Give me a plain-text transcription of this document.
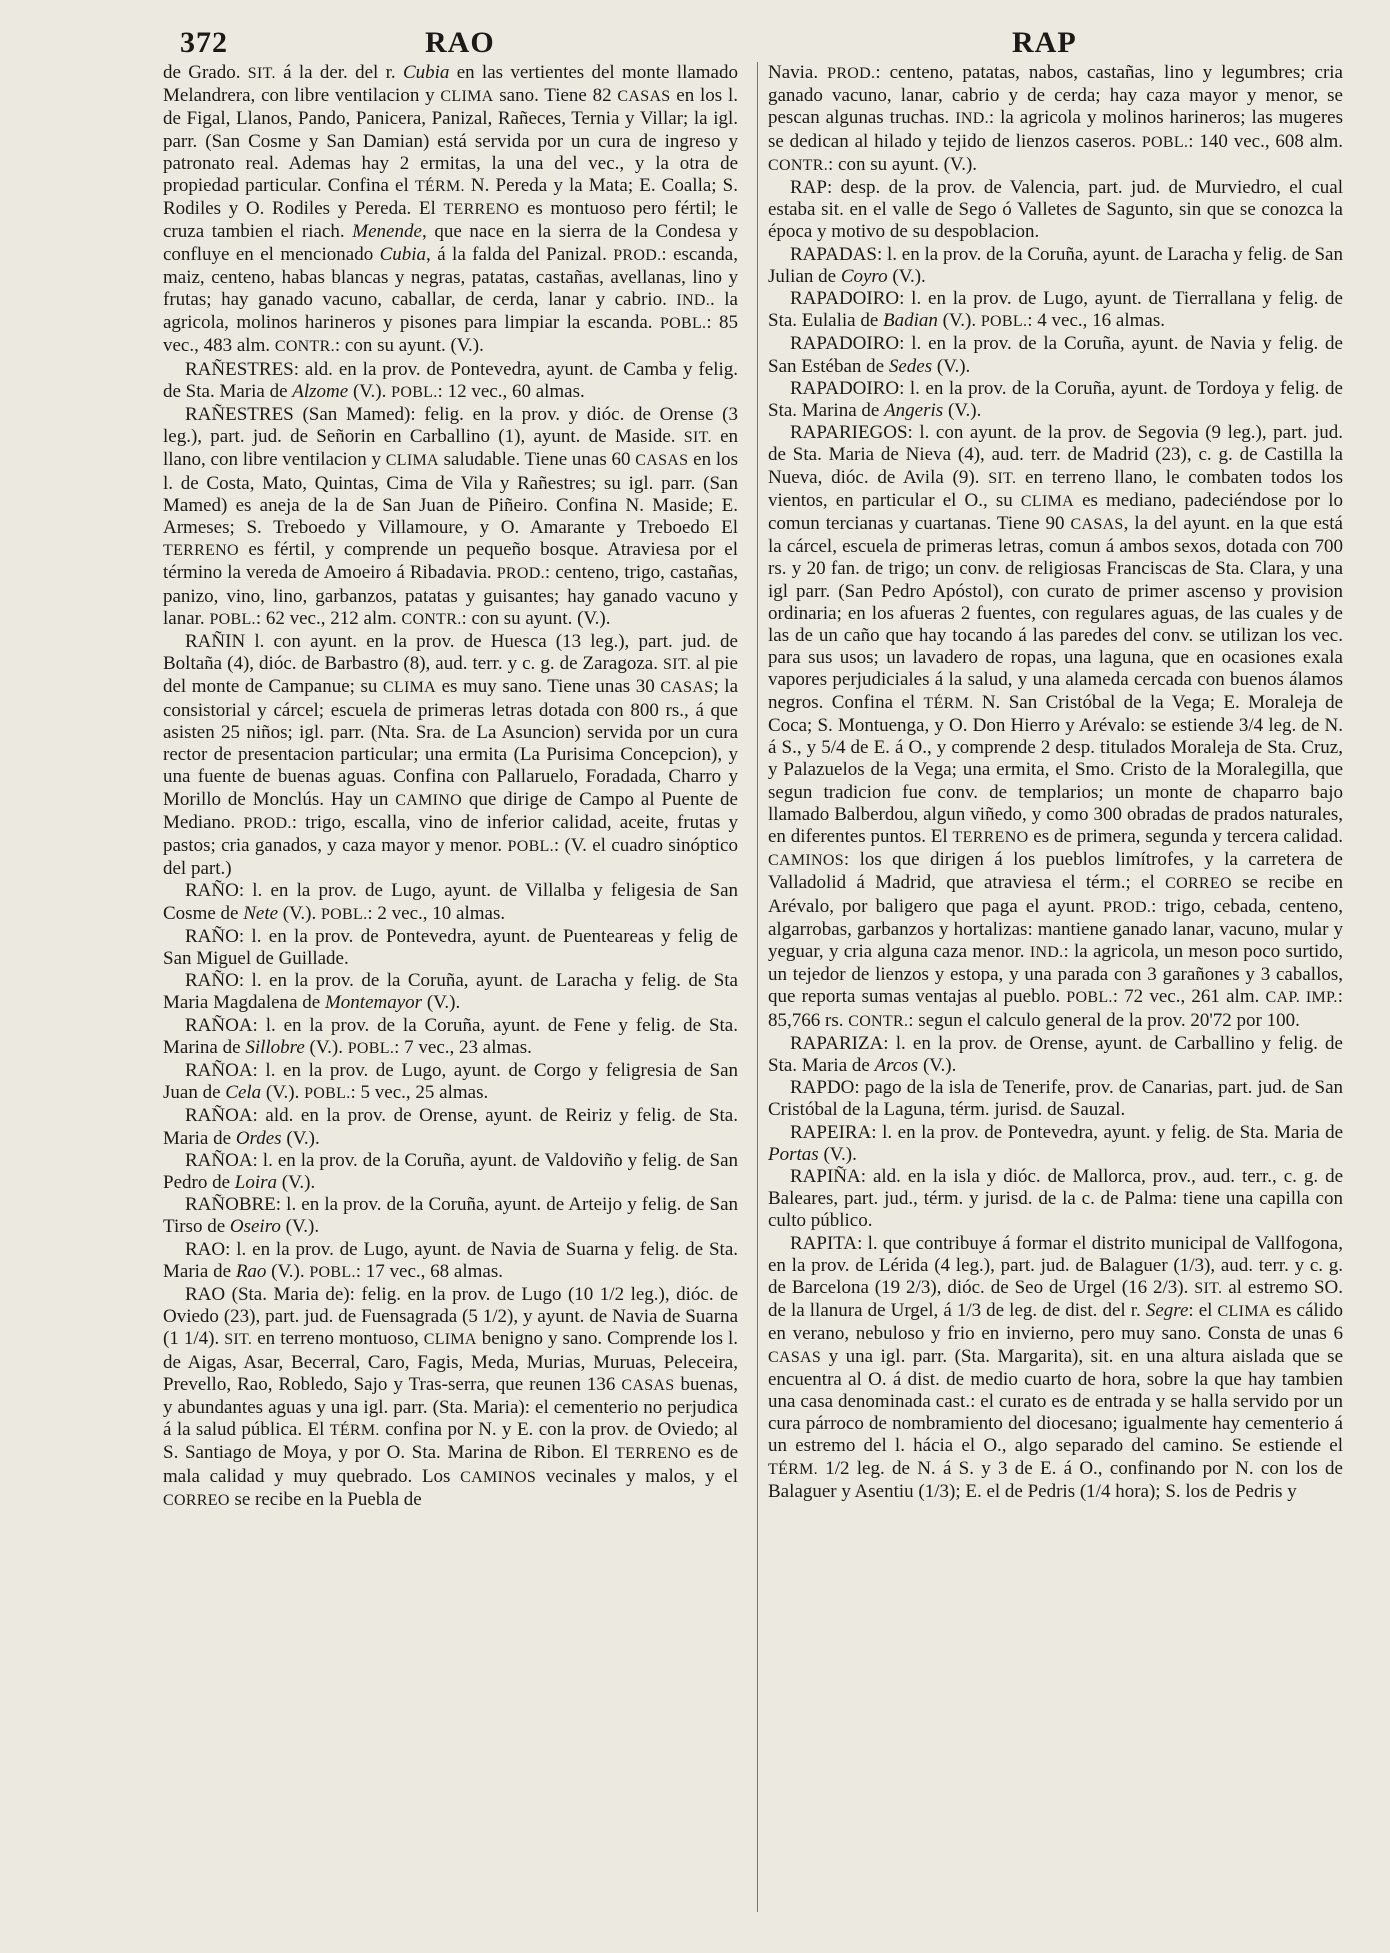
372	RAO	RAP

de Grado. SIT. á la der. del r. Cubia en las vertientes del monte llamado Melandrera, con libre ventilacion y CLIMA sano. Tiene 82 CASAS en los l. de Figal, Llanos, Pando, Panicera, Panizal, Rañeces, Ternia y Villar; la igl. parr. (San Cosme y San Damian) está servida por un cura de ingreso y patronato real. Ademas hay 2 ermitas, la una del vec., y la otra de propiedad particular. Confina el TÉRM. N. Pereda y la Mata; E. Coalla; S. Rodiles y O. Rodiles y Pereda. El TERRENO es montuoso pero fértil; le cruza tambien el riach. Menende, que nace en la sierra de la Condesa y confluye en el mencionado Cubia, á la falda del Panizal. PROD.: escanda, maiz, centeno, habas blancas y negras, patatas, castañas, avellanas, lino y frutas; hay ganado vacuno, caballar, de cerda, lanar y cabrio. IND.. la agricola, molinos harineros y pisones para limpiar la escanda. POBL.: 85 vec., 483 alm. CONTR.: con su ayunt. (V.).

RAÑESTRES: ald. en la prov. de Pontevedra, ayunt. de Camba y felig. de Sta. Maria de Alzome (V.). POBL.: 12 vec., 60 almas.

RAÑESTRES (San Mamed): felig. en la prov. y dióc. de Orense (3 leg.), part. jud. de Señorin en Carballino (1), ayunt. de Maside. SIT. en llano, con libre ventilacion y CLIMA saludable. Tiene unas 60 CASAS en los l. de Costa, Mato, Quintas, Cima de Vila y Rañestres; su igl. parr. (San Mamed) es aneja de la de San Juan de Piñeiro. Confina N. Maside; E. Armeses; S. Treboedo y Villamoure, y O. Amarante y Treboedo El TERRENO es fértil, y comprende un pequeño bosque. Atraviesa por el término la vereda de Amoeiro á Ribadavia. PROD.: centeno, trigo, castañas, panizo, vino, lino, garbanzos, patatas y guisantes; hay ganado vacuno y lanar. POBL.: 62 vec., 212 alm. CONTR.: con su ayunt. (V.).

RAÑIN l. con ayunt. en la prov. de Huesca (13 leg.), part. jud. de Boltaña (4), dióc. de Barbastro (8), aud. terr. y c. g. de Zaragoza. SIT. al pie del monte de Campanue; su CLIMA es muy sano. Tiene unas 30 CASAS; la consistorial y cárcel; escuela de primeras letras dotada con 800 rs., á que asisten 25 niños; igl. parr. (Nta. Sra. de La Asuncion) servida por un cura rector de presentacion particular; una ermita (La Purisima Concepcion), y una fuente de buenas aguas. Confina con Pallaruelo, Foradada, Charro y Morillo de Monclús. Hay un CAMINO que dirige de Campo al Puente de Mediano. PROD.: trigo, escalla, vino de inferior calidad, aceite, frutas y pastos; cria ganados, y caza mayor y menor. POBL.: (V. el cuadro sinóptico del part.)

RAÑO: l. en la prov. de Lugo, ayunt. de Villalba y feligesia de San Cosme de Nete (V.). POBL.: 2 vec., 10 almas.

RAÑO: l. en la prov. de Pontevedra, ayunt. de Puenteareas y felig de San Miguel de Guillade.

RAÑO: l. en la prov. de la Coruña, ayunt. de Laracha y felig. de Sta Maria Magdalena de Montemayor (V.).

RAÑOA: l. en la prov. de la Coruña, ayunt. de Fene y felig. de Sta. Marina de Sillobre (V.). POBL.: 7 vec., 23 almas.

RAÑOA: l. en la prov. de Lugo, ayunt. de Corgo y feligresia de San Juan de Cela (V.). POBL.: 5 vec., 25 almas.

RAÑOA: ald. en la prov. de Orense, ayunt. de Reiriz y felig. de Sta. Maria de Ordes (V.).

RAÑOA: l. en la prov. de la Coruña, ayunt. de Valdoviño y felig. de San Pedro de Loira (V.).

RAÑOBRE: l. en la prov. de la Coruña, ayunt. de Arteijo y felig. de San Tirso de Oseiro (V.).

RAO: l. en la prov. de Lugo, ayunt. de Navia de Suarna y felig. de Sta. Maria de Rao (V.). POBL.: 17 vec., 68 almas.

RAO (Sta. Maria de): felig. en la prov. de Lugo (10 1/2 leg.), dióc. de Oviedo (23), part. jud. de Fuensagrada (5 1/2), y ayunt. de Navia de Suarna (1 1/4). SIT. en terreno montuoso, CLIMA benigno y sano. Comprende los l. de Aigas, Asar, Becerral, Caro, Fagis, Meda, Murias, Muruas, Peleceira, Prevello, Rao, Robledo, Sajo y Tras-serra, que reunen 136 CASAS buenas, y abundantes aguas y una igl. parr. (Sta. Maria): el cementerio no perjudica á la salud pública. El TÉRM. confina por N. y E. con la prov. de Oviedo; al S. Santiago de Moya, y por O. Sta. Marina de Ribon. El TERRENO es de mala calidad y muy quebrado. Los CAMINOS vecinales y malos, y el CORREO se recibe en la Puebla de

Navia. PROD.: centeno, patatas, nabos, castañas, lino y legumbres; cria ganado vacuno, lanar, cabrio y de cerda; hay caza mayor y menor, se pescan algunas truchas. IND.: la agricola y molinos harineros; las mugeres se dedican al hilado y tejido de lienzos caseros. POBL.: 140 vec., 608 alm. CONTR.: con su ayunt. (V.).

RAP: desp. de la prov. de Valencia, part. jud. de Murviedro, el cual estaba sit. en el valle de Sego ó Valletes de Sagunto, sin que se conozca la época y motivo de su despoblacion.

RAPADAS: l. en la prov. de la Coruña, ayunt. de Laracha y felig. de San Julian de Coyro (V.).

RAPADOIRO: l. en la prov. de Lugo, ayunt. de Tierrallana y felig. de Sta. Eulalia de Badian (V.). POBL.: 4 vec., 16 almas.

RAPADOIRO: l. en la prov. de la Coruña, ayunt. de Navia y felig. de San Estéban de Sedes (V.).

RAPADOIRO: l. en la prov. de la Coruña, ayunt. de Tordoya y felig. de Sta. Marina de Angeris (V.).

RAPARIEGOS: l. con ayunt. de la prov. de Segovia (9 leg.), part. jud. de Sta. Maria de Nieva (4), aud. terr. de Madrid (23), c. g. de Castilla la Nueva, dióc. de Avila (9). SIT. en terreno llano, le combaten todos los vientos, en particular el O., su CLIMA es mediano, padeciéndose por lo comun tercianas y cuartanas. Tiene 90 CASAS, la del ayunt. en la que está la cárcel, escuela de primeras letras, comun á ambos sexos, dotada con 700 rs. y 20 fan. de trigo; un conv. de religiosas Franciscas de Sta. Clara, y una igl parr. (San Pedro Apóstol), con curato de primer ascenso y provision ordinaria; en los afueras 2 fuentes, con regulares aguas, de las cuales y de las de un caño que hay tocando á las paredes del conv. se utilizan los vec. para sus usos; un lavadero de ropas, una laguna, que en ocasiones exala vapores perjudiciales á la salud, y una alameda cercada con buenos álamos negros. Confina el TÉRM. N. San Cristóbal de la Vega; E. Moraleja de Coca; S. Montuenga, y O. Don Hierro y Arévalo: se estiende 3/4 leg. de N. á S., y 5/4 de E. á O., y comprende 2 desp. titulados Moraleja de Sta. Cruz, y Palazuelos de la Vega; una ermita, el Smo. Cristo de la Moralegilla, que segun tradicion fue conv. de templarios; un monte de chaparro bajo llamado Balberdou, algun viñedo, y como 300 obradas de prados naturales, en diferentes puntos. El TERRENO es de primera, segunda y tercera calidad. CAMINOS: los que dirigen á los pueblos limítrofes, y la carretera de Valladolid á Madrid, que atraviesa el térm.; el CORREO se recibe en Arévalo, por baligero que paga el ayunt. PROD.: trigo, cebada, centeno, algarrobas, garbanzos y hortalizas: mantiene ganado lanar, vacuno, mular y yeguar, y cria alguna caza menor. IND.: la agricola, un meson poco surtido, un tejedor de lienzos y estopa, y una parada con 3 garañones y 3 caballos, que reporta sumas ventajas al pueblo. POBL.: 72 vec., 261 alm. CAP. IMP.: 85,766 rs. CONTR.: segun el calculo general de la prov. 20'72 por 100.

RAPARIZA: l. en la prov. de Orense, ayunt. de Carballino y felig. de Sta. Maria de Arcos (V.).

RAPDO: pago de la isla de Tenerife, prov. de Canarias, part. jud. de San Cristóbal de la Laguna, térm. jurisd. de Sauzal.

RAPEIRA: l. en la prov. de Pontevedra, ayunt. y felig. de Sta. Maria de Portas (V.).

RAPIÑA: ald. en la isla y dióc. de Mallorca, prov., aud. terr., c. g. de Baleares, part. jud., térm. y jurisd. de la c. de Palma: tiene una capilla con culto público.

RAPITA: l. que contribuye á formar el distrito municipal de Vallfogona, en la prov. de Lérida (4 leg.), part. jud. de Balaguer (1/3), aud. terr. y c. g. de Barcelona (19 2/3), dióc. de Seo de Urgel (16 2/3). SIT. al estremo SO. de la llanura de Urgel, á 1/3 de leg. de dist. del r. Segre: el CLIMA es cálido en verano, nebuloso y frio en invierno, pero muy sano. Consta de unas 6 CASAS y una igl. parr. (Sta. Margarita), sit. en una altura aislada que se encuentra al O. á dist. de medio cuarto de hora, sobre la que hay tambien una casa denominada cast.: el curato es de entrada y se halla servido por un cura párroco de nombramiento del diocesano; igualmente hay cementerio á un estremo del l. hácia el O., algo separado del camino. Se estiende el TÉRM. 1/2 leg. de N. á S. y 3 de E. á O., confinando por N. con los de Balaguer y Asentiu (1/3); E. el de Pedris (1/4 hora); S. los de Pedris y
